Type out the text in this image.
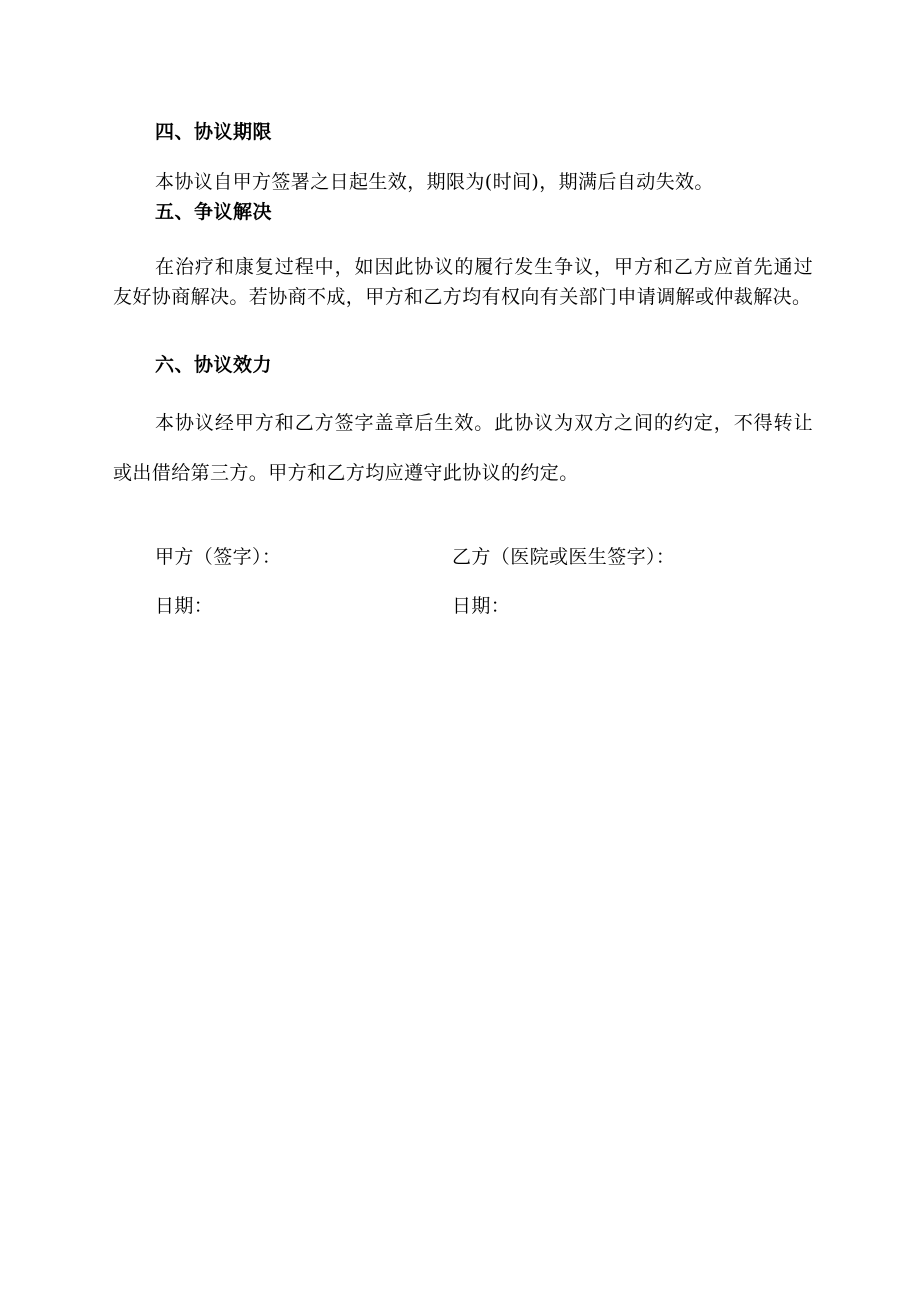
四、协议期限
本协议自甲方签署之日起生效，期限为(时间)，期满后自动失效。
五、争议解决
在治疗和康复过程中，如因此协议的履行发生争议，甲方和乙方应首先通过友好协商解决。若协商不成，甲方和乙方均有权向有关部门申请调解或仲裁解决。
六、协议效力
本协议经甲方和乙方签字盖章后生效。此协议为双方之间的约定，不得转让或出借给第三方。甲方和乙方均应遵守此协议的约定。
甲方（签字）：	乙方（医院或医生签字）：
日期：	日期：
